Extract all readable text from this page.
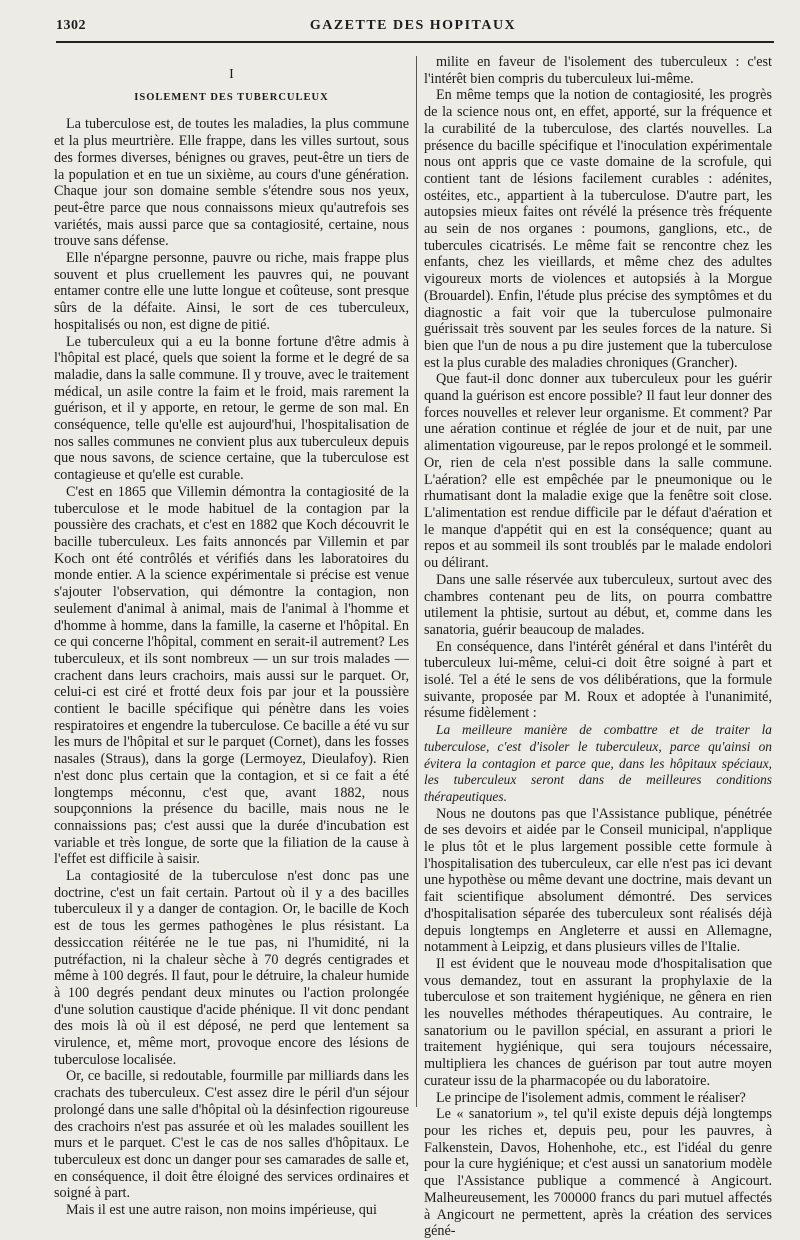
1302	GAZETTE DES HOPITAUX
I
ISOLEMENT DES TUBERCULEUX

La tuberculose est, de toutes les maladies, la plus commune et la plus meurtrière. Elle frappe, dans les villes surtout, sous des formes diverses, bénignes ou graves, peut-être un tiers de la population et en tue un sixième, au cours d'une génération. Chaque jour son domaine semble s'étendre sous nos yeux, peut-être parce que nous connaissons mieux qu'autrefois ses variétés, mais aussi parce que sa contagiosité, certaine, nous trouve sans défense.

Elle n'épargne personne, pauvre ou riche, mais frappe plus souvent et plus cruellement les pauvres qui, ne pouvant entamer contre elle une lutte longue et coûteuse, sont presque sûrs de la défaite. Ainsi, le sort de ces tuberculeux, hospitalisés ou non, est digne de pitié.

Le tuberculeux qui a eu la bonne fortune d'être admis à l'hôpital est placé, quels que soient la forme et le degré de sa maladie, dans la salle commune. Il y trouve, avec le traitement médical, un asile contre la faim et le froid, mais rarement la guérison, et il y apporte, en retour, le germe de son mal. En conséquence, telle qu'elle est aujourd'hui, l'hospitalisation de nos salles communes ne convient plus aux tuberculeux depuis que nous savons, de science certaine, que la tuberculose est contagieuse et qu'elle est curable.

C'est en 1865 que Villemin démontra la contagiosité de la tuberculose et le mode habituel de la contagion par la poussière des crachats, et c'est en 1882 que Koch découvrit le bacille tuberculeux. Les faits annoncés par Villemin et par Koch ont été contrôlés et vérifiés dans les laboratoires du monde entier. A la science expérimentale si précise est venue s'ajouter l'observation, qui démontre la contagion, non seulement d'animal à animal, mais de l'animal à l'homme et d'homme à homme, dans la famille, la caserne et l'hôpital. En ce qui concerne l'hôpital, comment en serait-il autrement? Les tuberculeux, et ils sont nombreux — un sur trois malades — crachent dans leurs crachoirs, mais aussi sur le parquet. Or, celui-ci est ciré et frotté deux fois par jour et la poussière contient le bacille spécifique qui pénètre dans les voies respiratoires et engendre la tuberculose. Ce bacille a été vu sur les murs de l'hôpital et sur le parquet (Cornet), dans les fosses nasales (Straus), dans la gorge (Lermoyez, Dieulafoy). Rien n'est donc plus certain que la contagion, et si ce fait a été longtemps méconnu, c'est que, avant 1882, nous soupçonnions la présence du bacille, mais nous ne le connaissions pas; c'est aussi que la durée d'incubation est variable et très longue, de sorte que la filiation de la cause à l'effet est difficile à saisir.

La contagiosité de la tuberculose n'est donc pas une doctrine, c'est un fait certain. Partout où il y a des bacilles tuberculeux il y a danger de contagion. Or, le bacille de Koch est de tous les germes pathogènes le plus résistant. La dessiccation réitérée ne le tue pas, ni l'humidité, ni la putréfaction, ni la chaleur sèche à 70 degrés centigrades et même à 100 degrés. Il faut, pour le détruire, la chaleur humide à 100 degrés pendant deux minutes ou l'action prolongée d'une solution caustique d'acide phénique. Il vit donc pendant des mois là où il est déposé, ne perd que lentement sa virulence, et, même mort, provoque encore des lésions de tuberculose localisée.

Or, ce bacille, si redoutable, fourmille par milliards dans les crachats des tuberculeux. C'est assez dire le péril d'un séjour prolongé dans une salle d'hôpital où la désinfection rigoureuse des crachoirs n'est pas assurée et où les malades souillent les murs et le parquet. C'est le cas de nos salles d'hôpitaux. Le tuberculeux est donc un danger pour ses camarades de salle et, en conséquence, il doit être éloigné des services ordinaires et soigné à part.

Mais il est une autre raison, non moins impérieuse, qui

milite en faveur de l'isolement des tuberculeux : c'est l'intérêt bien compris du tuberculeux lui-même.

En même temps que la notion de contagiosité, les progrès de la science nous ont, en effet, apporté, sur la fréquence et la curabilité de la tuberculose, des clartés nouvelles. La présence du bacille spécifique et l'inoculation expérimentale nous ont appris que ce vaste domaine de la scrofule, qui contient tant de lésions facilement curables : adénites, ostéites, etc., appartient à la tuberculose. D'autre part, les autopsies mieux faites ont révélé la présence très fréquente au sein de nos organes : poumons, ganglions, etc., de tubercules cicatrisés. Le même fait se rencontre chez les enfants, chez les vieillards, et même chez des adultes vigoureux morts de violences et autopsiés à la Morgue (Brouardel). Enfin, l'étude plus précise des symptômes et du diagnostic a fait voir que la tuberculose pulmonaire guérissait très souvent par les seules forces de la nature. Si bien que l'un de nous a pu dire justement que la tuberculose est la plus curable des maladies chroniques (Grancher).

Que faut-il donc donner aux tuberculeux pour les guérir quand la guérison est encore possible? Il faut leur donner des forces nouvelles et relever leur organisme. Et comment? Par une aération continue et réglée de jour et de nuit, par une alimentation vigoureuse, par le repos prolongé et le sommeil. Or, rien de cela n'est possible dans la salle commune. L'aération? elle est empêchée par le pneumonique ou le rhumatisant dont la maladie exige que la fenêtre soit close. L'alimentation est rendue difficile par le défaut d'aération et le manque d'appétit qui en est la conséquence; quant au repos et au sommeil ils sont troublés par le malade endolori ou délirant.

Dans une salle réservée aux tuberculeux, surtout avec des chambres contenant peu de lits, on pourra combattre utilement la phtisie, surtout au début, et, comme dans les sanatoria, guérir beaucoup de malades.

En conséquence, dans l'intérêt général et dans l'intérêt du tuberculeux lui-même, celui-ci doit être soigné à part et isolé. Tel a été le sens de vos délibérations, que la formule suivante, proposée par M. Roux et adoptée à l'unanimité, résume fidèlement :

La meilleure manière de combattre et de traiter la tuberculose, c'est d'isoler le tuberculeux, parce qu'ainsi on évitera la contagion et parce que, dans les hôpitaux spéciaux, les tuberculeux seront dans de meilleures conditions thérapeutiques.

Nous ne doutons pas que l'Assistance publique, pénétrée de ses devoirs et aidée par le Conseil municipal, n'applique le plus tôt et le plus largement possible cette formule à l'hospitalisation des tuberculeux, car elle n'est pas ici devant une hypothèse ou même devant une doctrine, mais devant un fait scientifique absolument démontré. Des services d'hospitalisation séparée des tuberculeux sont réalisés déjà depuis longtemps en Angleterre et aussi en Allemagne, notamment à Leipzig, et dans plusieurs villes de l'Italie.

Il est évident que le nouveau mode d'hospitalisation que vous demandez, tout en assurant la prophylaxie de la tuberculose et son traitement hygiénique, ne gênera en rien les nouvelles méthodes thérapeutiques. Au contraire, le sanatorium ou le pavillon spécial, en assurant a priori le traitement hygiénique, qui sera toujours nécessaire, multipliera les chances de guérison par tout autre moyen curateur issu de la pharmacopée ou du laboratoire.

Le principe de l'isolement admis, comment le réaliser?

Le « sanatorium », tel qu'il existe depuis déjà longtemps pour les riches et, depuis peu, pour les pauvres, à Falkenstein, Davos, Hohenhohe, etc., est l'idéal du genre pour la cure hygiénique; et c'est aussi un sanatorium modèle que l'Assistance publique a commencé à Angicourt. Malheureusement, les 700000 francs du pari mutuel affectés à Angicourt ne permettent, après la création des services géné-
